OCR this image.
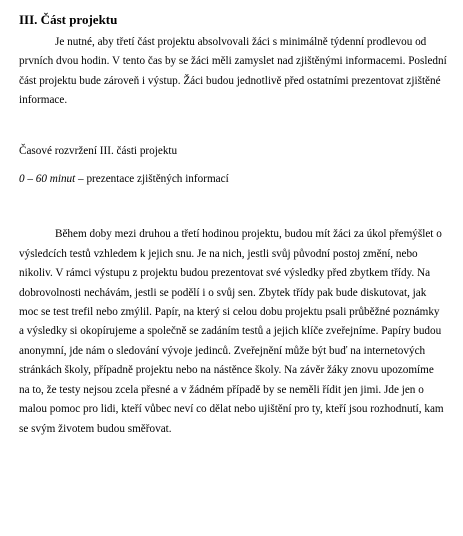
III. Část projektu

Je nutné, aby třetí část projektu absolvovali žáci s minimálně týdenní prodlevou od prvních dvou hodin. V tento čas by se žáci měli zamyslet nad zjištěnými informacemi. Poslední část projektu bude zároveň i výstup. Žáci budou jednotlivě před ostatními prezentovat zjištěné informace.

Časové rozvržení III. části projektu

0 – 60 minut – prezentace zjištěných informací

Během doby mezi druhou a třetí hodinou projektu, budou mít žáci za úkol přemýšlet o výsledcích testů vzhledem k jejich snu. Je na nich, jestli svůj původní postoj změní, nebo nikoliv. V rámci výstupu z projektu budou prezentovat své výsledky před zbytkem třídy. Na dobrovolnosti nechávám, jestli se podělí i o svůj sen. Zbytek třídy pak bude diskutovat, jak moc se test trefil nebo zmýlil. Papír, na který si celou dobu projektu psali průběžné poznámky a výsledky si okopírujeme a společně se zadáním testů a jejich klíče zveřejníme. Papíry budou anonymní, jde nám o sledování vývoje jedinců. Zveřejnění může být buď na internetových stránkách školy, případně projektu nebo na nástěnce školy. Na závěr žáky znovu upozomíme na to, že testy nejsou zcela přesné a v žádném případě by se neměli řídit jen jimi. Jde jen o malou pomoc pro lidi, kteří vůbec neví co dělat nebo ujištění pro ty, kteří jsou rozhodnutí, kam se svým životem budou směřovat.
